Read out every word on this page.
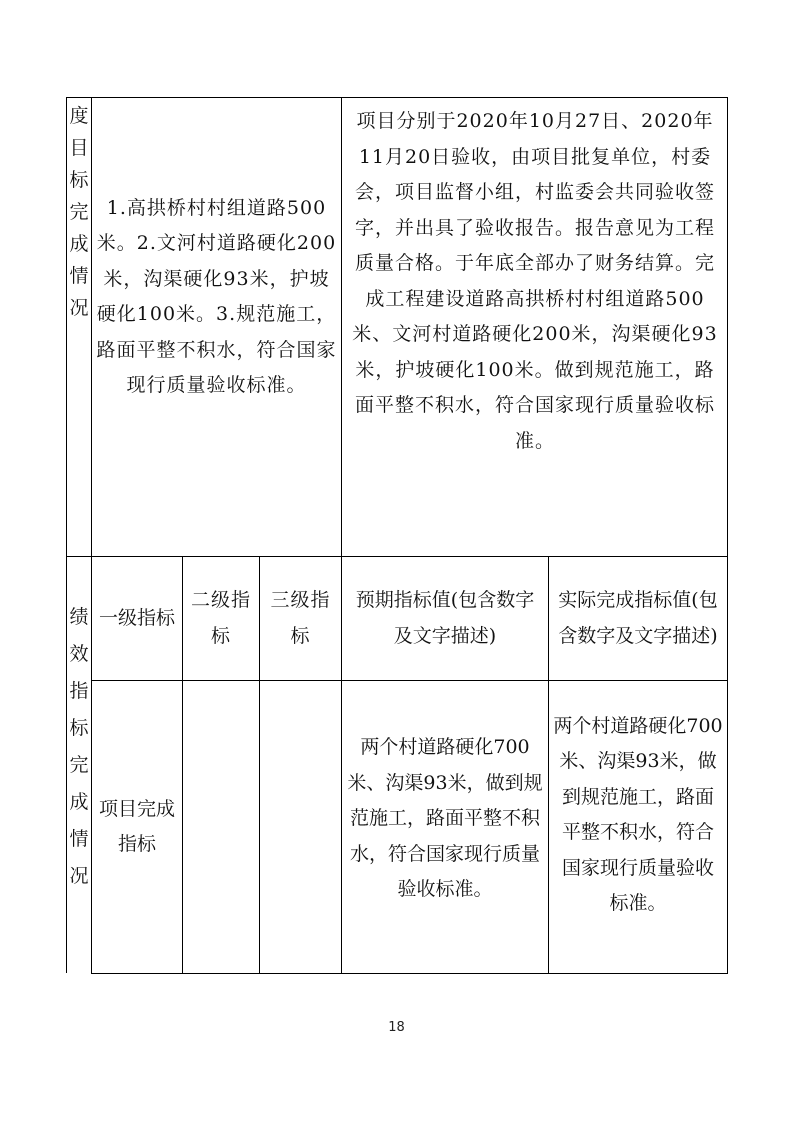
度目标完成情况
1.高拱桥村村组道路500米。2.文河村道路硬化200米，沟渠硬化93米，护坡硬化100米。3.规范施工，路面平整不积水，符合国家现行质量验收标准。
项目分别于2020年10月27日、2020年11月20日验收，由项目批复单位，村委会，项目监督小组，村监委会共同验收签字，并出具了验收报告。报告意见为工程质量合格。于年底全部办了财务结算。完成工程建设道路高拱桥村村组道路500米、文河村道路硬化200米，沟渠硬化93米，护坡硬化100米。做到规范施工，路面平整不积水，符合国家现行质量验收标准。
绩效指标完成情况
一级指标
二级指标
三级指标
预期指标值(包含数字及文字描述)
实际完成指标值(包含数字及文字描述)
项目完成指标
两个村道路硬化700米、沟渠93米，做到规范施工，路面平整不积水，符合国家现行质量验收标准。
两个村道路硬化700米、沟渠93米，做到规范施工，路面平整不积水，符合国家现行质量验收标准。
18
